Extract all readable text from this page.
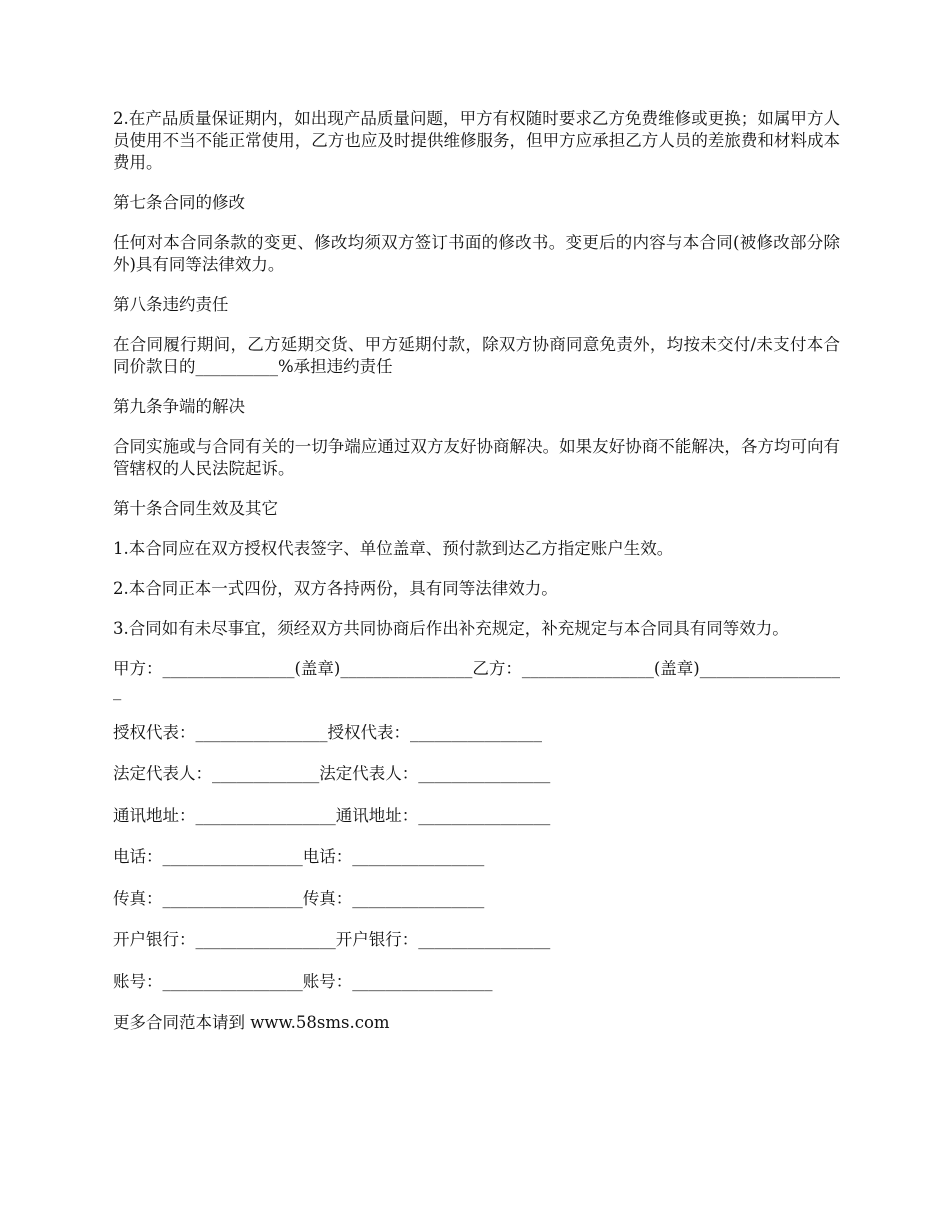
2.在产品质量保证期内，如出现产品质量问题，甲方有权随时要求乙方免费维修或更换；如属甲方人员使用不当不能正常使用，乙方也应及时提供维修服务，但甲方应承担乙方人员的差旅费和材料成本费用。

第七条合同的修改

任何对本合同条款的变更、修改均须双方签订书面的修改书。变更后的内容与本合同(被修改部分除外)具有同等法律效力。

第八条违约责任

在合同履行期间，乙方延期交货、甲方延期付款，除双方协商同意免责外，均按未交付/未支付本合同价款日的__________%承担违约责任

第九条争端的解决

合同实施或与合同有关的一切争端应通过双方友好协商解决。如果友好协商不能解决，各方均可向有管辖权的人民法院起诉。

第十条合同生效及其它

1.本合同应在双方授权代表签字、单位盖章、预付款到达乙方指定账户生效。

2.本合同正本一式四份，双方各持两份，具有同等法律效力。

3.合同如有未尽事宜，须经双方共同协商后作出补充规定，补充规定与本合同具有同等效力。

甲方：________________(盖章)________________乙方：________________(盖章)__________________

授权代表：________________授权代表：________________

法定代表人：_____________法定代表人：________________

通讯地址：_________________通讯地址：________________

电话：_________________电话：________________

传真：_________________传真：________________

开户银行：_________________开户银行：________________

账号：_________________账号：_________________

更多合同范本请到 www.58sms.com
